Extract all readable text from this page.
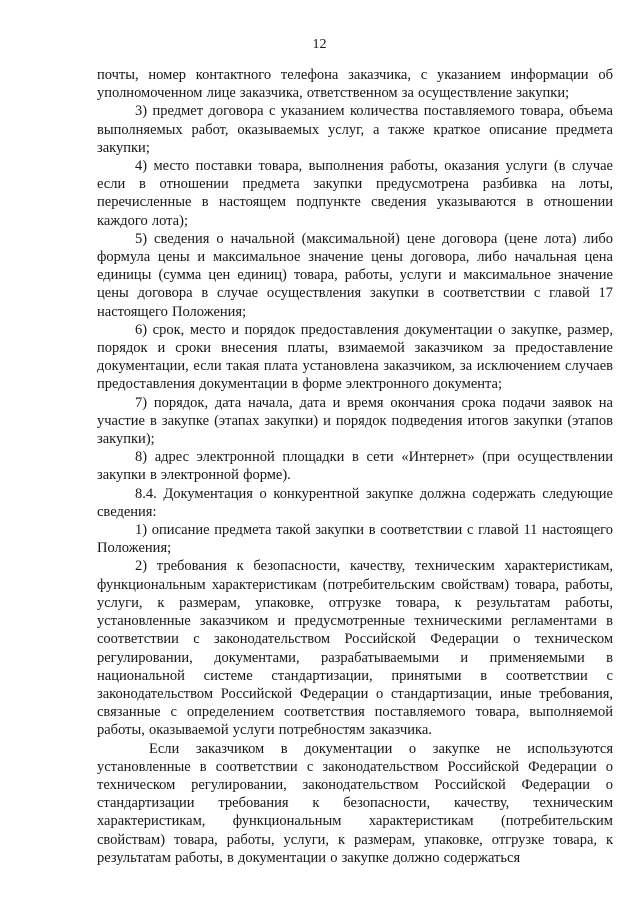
12

почты, номер контактного телефона заказчика, с указанием информации об уполномоченном лице заказчика, ответственном за осуществление закупки;

3) предмет договора с указанием количества поставляемого товара, объема выполняемых работ, оказываемых услуг, а также краткое описание предмета закупки;

4) место поставки товара, выполнения работы, оказания услуги (в случае если в отношении предмета закупки предусмотрена разбивка на лоты, перечисленные в настоящем подпункте сведения указываются в отношении каждого лота);

5) сведения о начальной (максимальной) цене договора (цене лота) либо формула цены и максимальное значение цены договора, либо начальная цена единицы (сумма цен единиц) товара, работы, услуги и максимальное значение цены договора в случае осуществления закупки в соответствии с главой 17 настоящего Положения;

6) срок, место и порядок предоставления документации о закупке, размер, порядок и сроки внесения платы, взимаемой заказчиком за предоставление документации, если такая плата установлена заказчиком, за исключением случаев предоставления документации в форме электронного документа;

7) порядок, дата начала, дата и время окончания срока подачи заявок на участие в закупке (этапах закупки) и порядок подведения итогов закупки (этапов закупки);

8) адрес электронной площадки в сети «Интернет» (при осуществлении закупки в электронной форме).

8.4. Документация о конкурентной закупке должна содержать следующие сведения:

1) описание предмета такой закупки в соответствии с главой 11 настоящего Положения;

2) требования к безопасности, качеству, техническим характеристикам, функциональным характеристикам (потребительским свойствам) товара, работы, услуги, к размерам, упаковке, отгрузке товара, к результатам работы, установленные заказчиком и предусмотренные техническими регламентами в соответствии с законодательством Российской Федерации о техническом регулировании, документами, разрабатываемыми и применяемыми в национальной системе стандартизации, принятыми в соответствии с законодательством Российской Федерации о стандартизации, иные требования, связанные с определением соответствия поставляемого товара, выполняемой работы, оказываемой услуги потребностям заказчика.

Если заказчиком в документации о закупке не используются установленные в соответствии с законодательством Российской Федерации о техническом регулировании, законодательством Российской Федерации о стандартизации требования к безопасности, качеству, техническим характеристикам, функциональным характеристикам (потребительским свойствам) товара, работы, услуги, к размерам, упаковке, отгрузке товара, к результатам работы, в документации о закупке должно содержаться
